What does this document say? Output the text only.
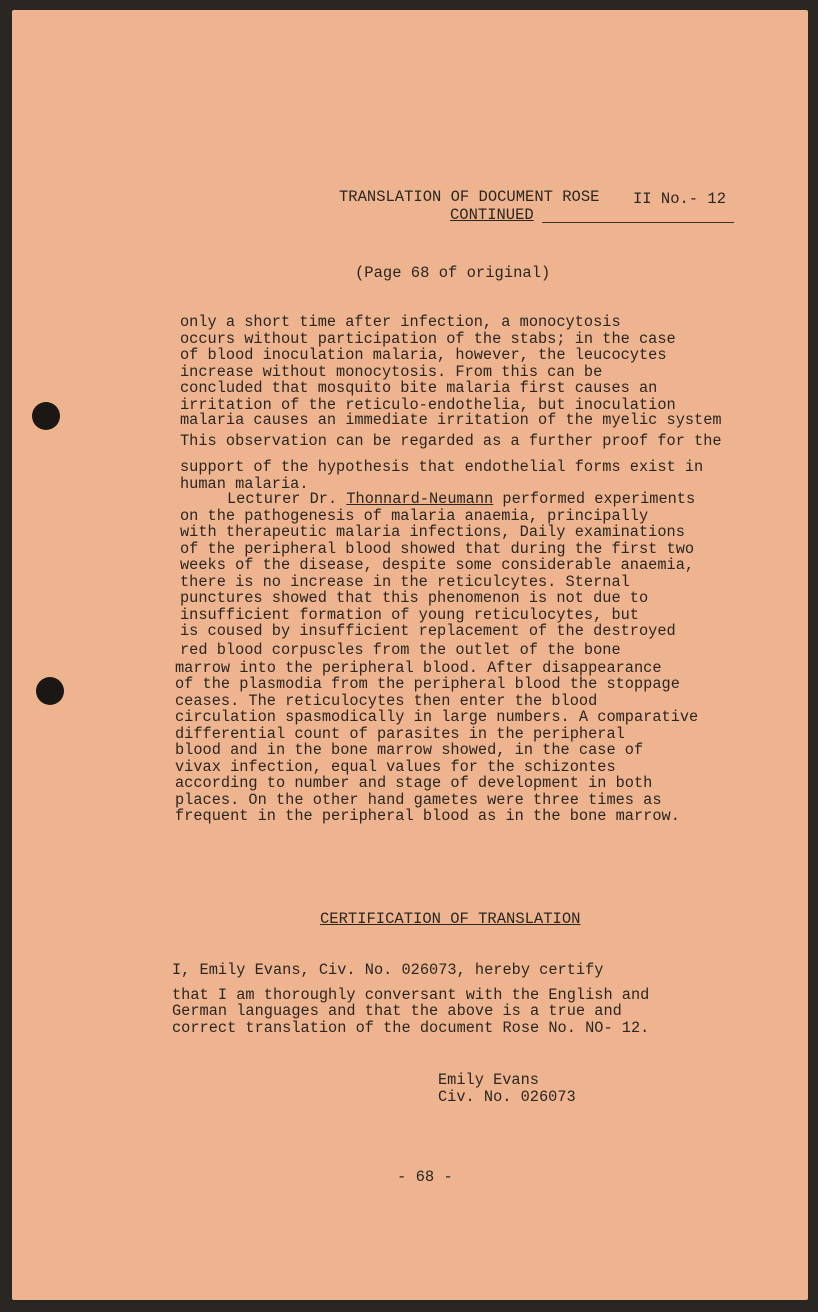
TRANSLATION OF DOCUMENT ROSE II No.- 12
CONTINUED
(Page 68 of original)
only a short time after infection, a monocytosis
occurs without participation of the stabs; in the case
of blood inoculation malaria, however, the leucocytes
increase without monocytosis. From this can be
concluded that mosquito bite malaria first causes an
irritation of the reticulo-endothelia, but inoculation
malaria causes an immediate irritation of the myelic system
This observation can be regarded as a further proof for the
support of the hypothesis that endothelial forms exist in
human malaria.
Lecturer Dr. Thonnard-Neumann performed experiments
on the pathogenesis of malaria anaemia, principally
with therapeutic malaria infections, Daily examinations
of the peripheral blood showed that during the first two
weeks of the disease, despite some considerable anaemia,
there is no increase in the reticulcytes. Sternal
punctures showed that this phenomenon is not due to
insufficient formation of young reticulocytes, but
is coused by insufficient replacement of the destroyed
red blood corpuscles from the outlet of the bone
marrow into the peripheral blood. After disappearance
of the plasmodia from the peripheral blood the stoppage
ceases. The reticulocytes then enter the blood
circulation spasmodically in large numbers. A comparative
differential count of parasites in the peripheral
blood and in the bone marrow showed, in the case of
vivax infection, equal values for the schizontes
according to number and stage of development in both
places. On the other hand gametes were three times as
frequent in the peripheral blood as in the bone marrow.
CERTIFICATION OF TRANSLATION
I, Emily Evans, Civ. No. 026073, hereby certify
that I am thoroughly conversant with the English and
German languages and that the above is a true and
correct translation of the document Rose No. NO- 12.
Emily Evans
Civ. No. 026073
- 68 -
